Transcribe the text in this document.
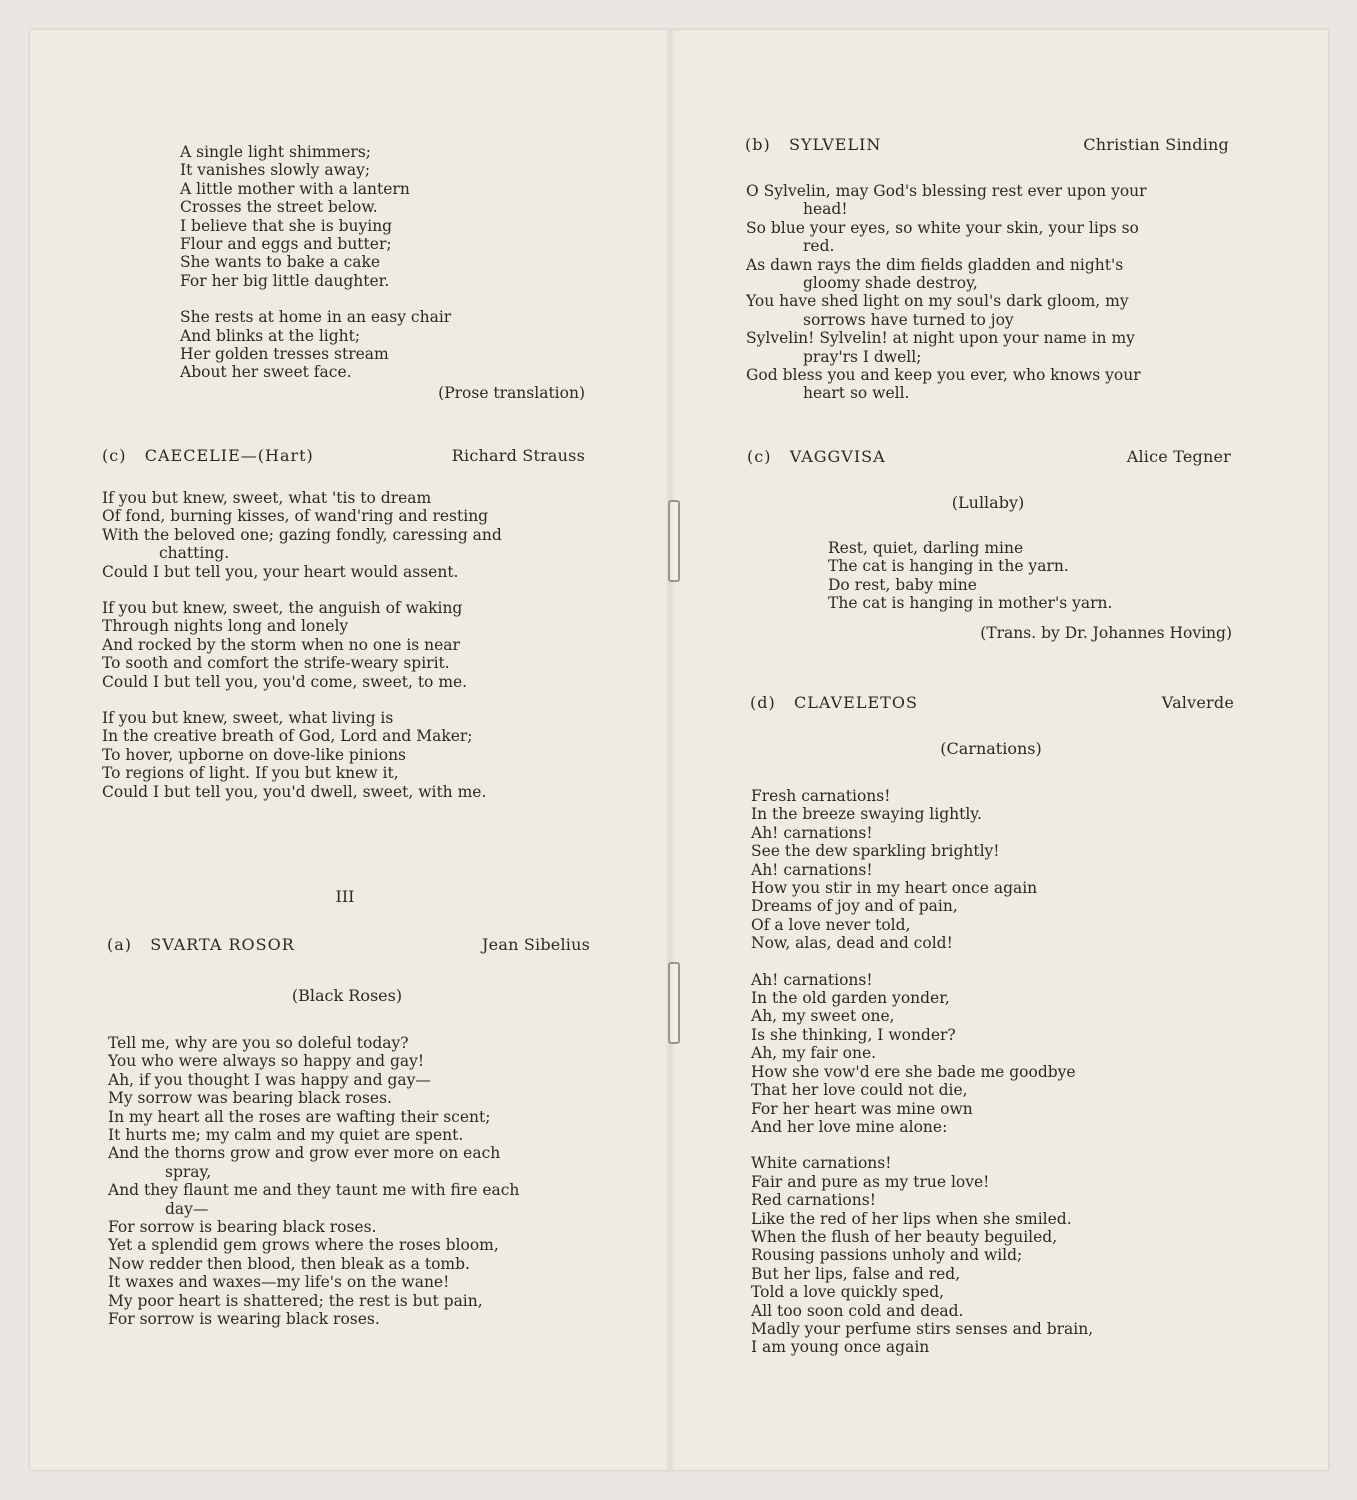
A single light shimmers;
It vanishes slowly away;
A little mother with a lantern
Crosses the street below.
I believe that she is buying
Flour and eggs and butter;
She wants to bake a cake
For her big little daughter.
She rests at home in an easy chair
And blinks at the light;
Her golden tresses stream
About her sweet face.
(Prose translation)
(c) CAECELIE—(Hart)	Richard Strauss
If you but knew, sweet, what 'tis to dream
Of fond, burning kisses, of wand'ring and resting
With the beloved one; gazing fondly, caressing and
chatting.
Could I but tell you, your heart would assent.
If you but knew, sweet, the anguish of waking
Through nights long and lonely
And rocked by the storm when no one is near
To sooth and comfort the strife-weary spirit.
Could I but tell you, you'd come, sweet, to me.
If you but knew, sweet, what living is
In the creative breath of God, Lord and Maker;
To hover, upborne on dove-like pinions
To regions of light. If you but knew it,
Could I but tell you, you'd dwell, sweet, with me.
III
(a) SVARTA ROSOR	Jean Sibelius
(Black Roses)
Tell me, why are you so doleful today?
You who were always so happy and gay!
Ah, if you thought I was happy and gay—
My sorrow was bearing black roses.
In my heart all the roses are wafting their scent;
It hurts me; my calm and my quiet are spent.
And the thorns grow and grow ever more on each
spray,
And they flaunt me and they taunt me with fire each
day—
For sorrow is bearing black roses.
Yet a splendid gem grows where the roses bloom,
Now redder then blood, then bleak as a tomb.
It waxes and waxes—my life's on the wane!
My poor heart is shattered; the rest is but pain,
For sorrow is wearing black roses.
(b) SYLVELIN	Christian Sinding
O Sylvelin, may God's blessing rest ever upon your
head!
So blue your eyes, so white your skin, your lips so
red.
As dawn rays the dim fields gladden and night's
gloomy shade destroy,
You have shed light on my soul's dark gloom, my
sorrows have turned to joy
Sylvelin! Sylvelin! at night upon your name in my
pray'rs I dwell;
God bless you and keep you ever, who knows your
heart so well.
(c) VAGGVISA	Alice Tegner
(Lullaby)
Rest, quiet, darling mine
The cat is hanging in the yarn.
Do rest, baby mine
The cat is hanging in mother's yarn.
(Trans. by Dr. Johannes Hoving)
(d) CLAVELETOS	Valverde
(Carnations)
Fresh carnations!
In the breeze swaying lightly.
Ah! carnations!
See the dew sparkling brightly!
Ah! carnations!
How you stir in my heart once again
Dreams of joy and of pain,
Of a love never told,
Now, alas, dead and cold!
Ah! carnations!
In the old garden yonder,
Ah, my sweet one,
Is she thinking, I wonder?
Ah, my fair one.
How she vow'd ere she bade me goodbye
That her love could not die,
For her heart was mine own
And her love mine alone:
White carnations!
Fair and pure as my true love!
Red carnations!
Like the red of her lips when she smiled.
When the flush of her beauty beguiled,
Rousing passions unholy and wild;
But her lips, false and red,
Told a love quickly sped,
All too soon cold and dead.
Madly your perfume stirs senses and brain,
I am young once again
